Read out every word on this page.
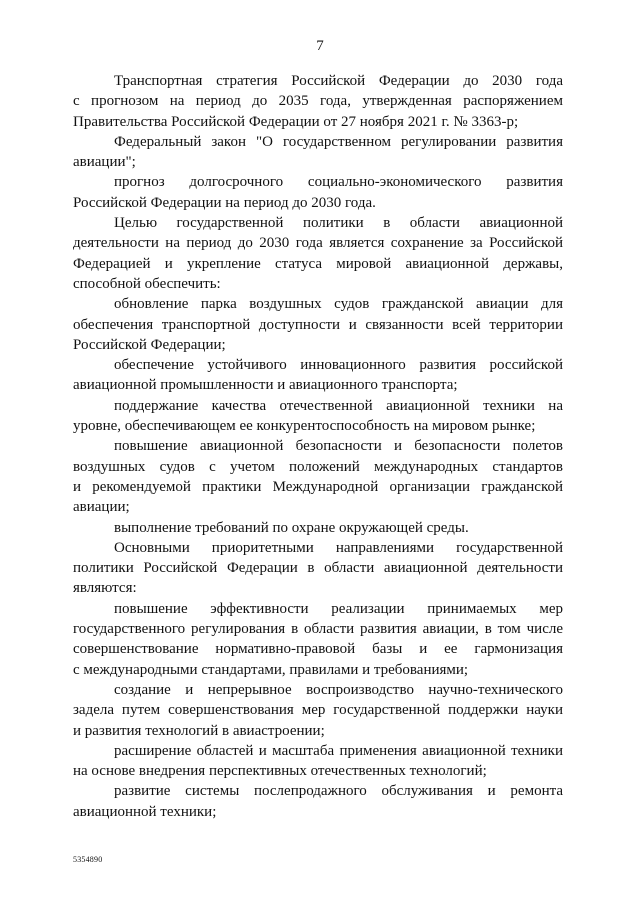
7
Транспортная стратегия Российской Федерации до 2030 года
с прогнозом на период до 2035 года, утвержденная распоряжением
Правительства Российской Федерации от 27 ноября 2021 г. № 3363-р;
Федеральный закон "О государственном регулировании развития
авиации";
прогноз долгосрочного социально-экономического развития
Российской Федерации на период до 2030 года.
Целью государственной политики в области авиационной
деятельности на период до 2030 года является сохранение за Российской
Федерацией и укрепление статуса мировой авиационной державы,
способной обеспечить:
обновление парка воздушных судов гражданской авиации для
обеспечения транспортной доступности и связанности всей территории
Российской Федерации;
обеспечение устойчивого инновационного развития российской
авиационной промышленности и авиационного транспорта;
поддержание качества отечественной авиационной техники на
уровне, обеспечивающем ее конкурентоспособность на мировом рынке;
повышение авиационной безопасности и безопасности полетов
воздушных судов с учетом положений международных стандартов
и рекомендуемой практики Международной организации гражданской
авиации;
выполнение требований по охране окружающей среды.
Основными приоритетными направлениями государственной
политики Российской Федерации в области авиационной деятельности
являются:
повышение эффективности реализации принимаемых мер
государственного регулирования в области развития авиации, в том числе
совершенствование нормативно-правовой базы и ее гармонизация
с международными стандартами, правилами и требованиями;
создание и непрерывное воспроизводство научно-технического
задела путем совершенствования мер государственной поддержки науки
и развития технологий в авиастроении;
расширение областей и масштаба применения авиационной техники
на основе внедрения перспективных отечественных технологий;
развитие системы послепродажного обслуживания и ремонта
авиационной техники;
5354890
